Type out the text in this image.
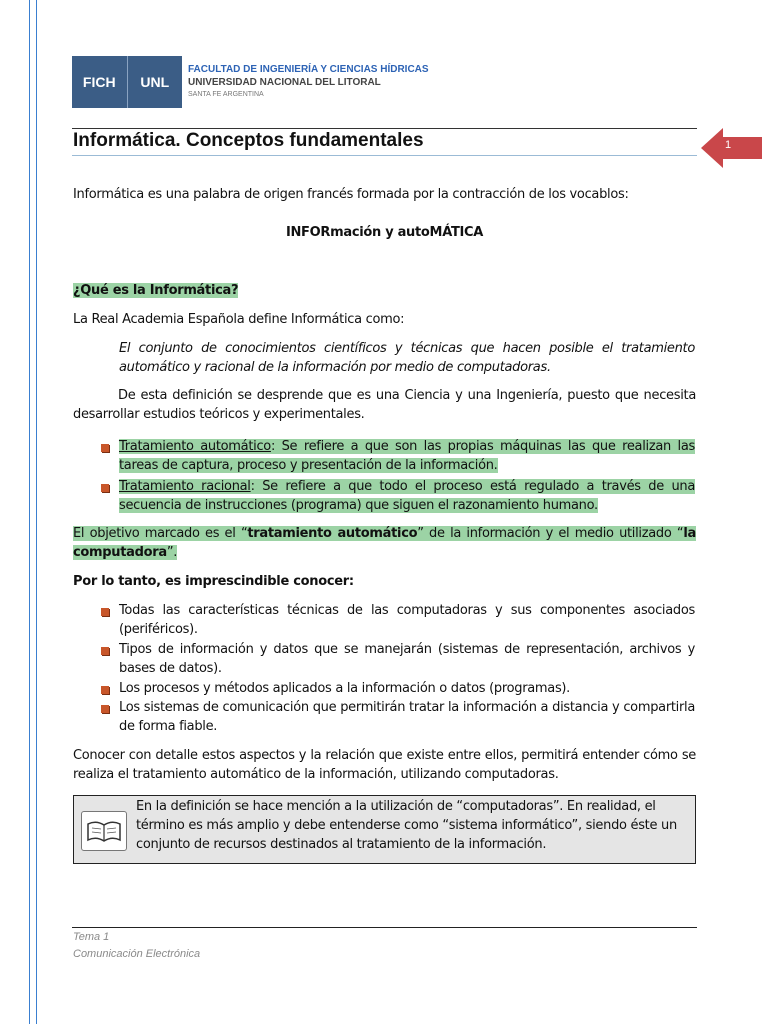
FICH	UNL
FACULTAD DE INGENIERÍA Y CIENCIAS HÍDRICAS
UNIVERSIDAD NACIONAL DEL LITORAL
SANTA FE ARGENTINA
Informática. Conceptos fundamentales	1
Informática es una palabra de origen francés formada por la contracción de los vocablos:
INFORmación y autoMÁTICA
¿Qué es la Informática?
La Real Academia Española define Informática como:
El conjunto de conocimientos científicos y técnicas que hacen posible el tratamiento automático y racional de la información por medio de computadoras.
De esta definición se desprende que es una Ciencia y una Ingeniería, puesto que necesita desarrollar estudios teóricos y experimentales.
Tratamiento automático: Se refiere a que son las propias máquinas las que realizan las tareas de captura, proceso y presentación de la información.
Tratamiento racional: Se refiere a que todo el proceso está regulado a través de una secuencia de instrucciones (programa) que siguen el razonamiento humano.
El objetivo marcado es el “tratamiento automático” de la información y el medio utilizado “la computadora”.
Por lo tanto, es imprescindible conocer:
Todas las características técnicas de las computadoras y sus componentes asociados (periféricos).
Tipos de información y datos que se manejarán (sistemas de representación, archivos y bases de datos).
Los procesos y métodos aplicados a la información o datos (programas).
Los sistemas de comunicación que permitirán tratar la información a distancia y compartirla de forma fiable.
Conocer con detalle estos aspectos y la relación que existe entre ellos, permitirá entender cómo se realiza el tratamiento automático de la información, utilizando computadoras.
En la definición se hace mención a la utilización de “computadoras”. En realidad, el término es más amplio y debe entenderse como “sistema informático”, siendo éste un conjunto de recursos destinados al tratamiento de la información.
Tema 1
Comunicación Electrónica
